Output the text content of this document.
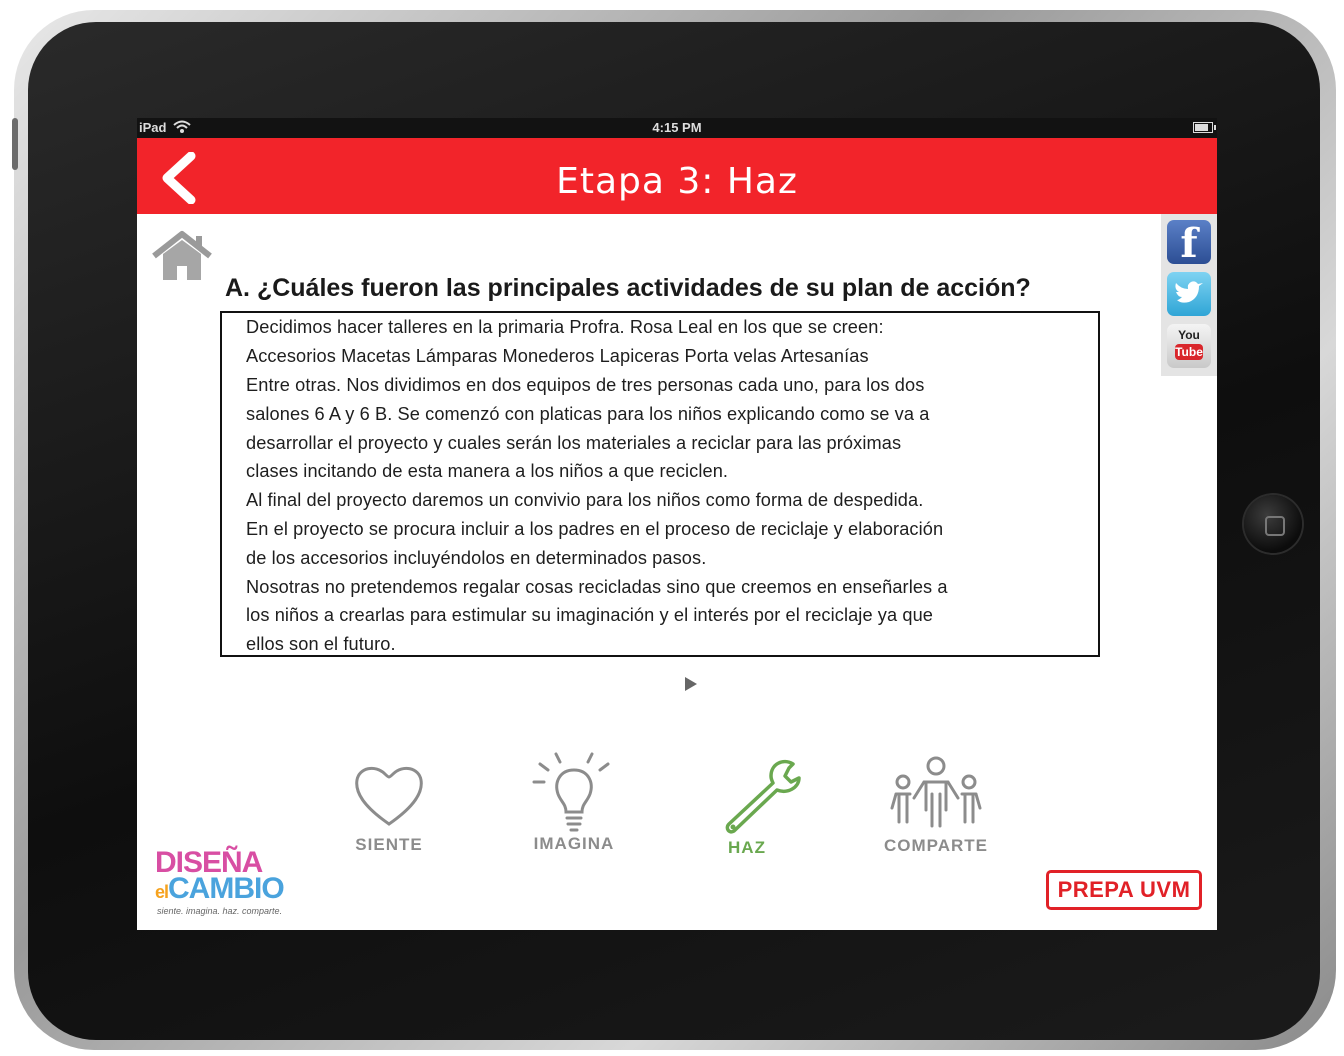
iPad	4:15 PM
Etapa 3: Haz
f
You
Tube
A. ¿Cuáles fueron las principales actividades de su plan de acción?
Decidimos hacer talleres en la primaria Profra. Rosa Leal en los que se creen:
Accesorios Macetas Lámparas Monederos Lapiceras Porta velas Artesanías
Entre otras. Nos dividimos en dos equipos de tres personas cada uno, para los dos
salones 6 A y 6 B. Se comenzó con platicas para los niños explicando como se va a
desarrollar el proyecto y cuales serán los materiales a reciclar para las próximas
clases incitando de esta manera a los niños a que reciclen.
Al final del proyecto daremos un convivio para los niños como forma de despedida.
En el proyecto se procura incluir a los padres en el proceso de reciclaje y elaboración
de los accesorios incluyéndolos en determinados pasos.
Nosotras no pretendemos regalar cosas recicladas sino que creemos en enseñarles a
los niños a crearlas para estimular su imaginación y el interés por el reciclaje ya que
ellos son el futuro.
SIENTE	IMAGINA	HAZ	COMPARTE
DISEÑA
elCAMBIO
siente. imagina. haz. comparte.
PREPA UVM
